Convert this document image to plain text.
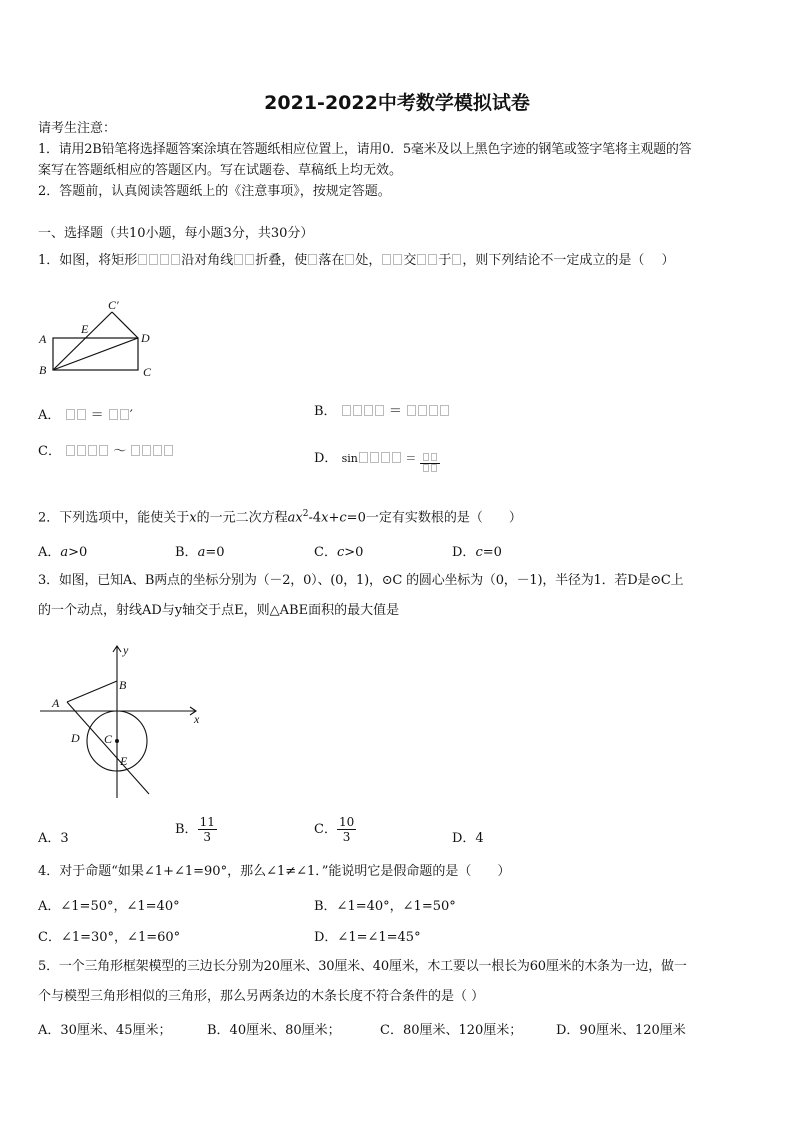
2021-2022中考数学模拟试卷
请考生注意：
1．请用2B铅笔将选择题答案涂填在答题纸相应位置上，请用0．5毫米及以上黑色字迹的钢笔或签字笔将主观题的答
案写在答题纸相应的答题区内。写在试题卷、草稿纸上均无效。
2．答题前，认真阅读答题纸上的《注意事项》，按规定答题。
一、选择题（共10小题，每小题3分，共30分）
1．如图，将矩形	沿对角线 折叠，使 落在 处， 交 于 ，则下列结论不一定成立的是（　 ）
A
B	C
D
E
C′
A． ＝ ′	B．	＝
C．	～	D． sin	＝
2．下列选项中，能使关于x的一元二次方程$ax^2-4x+c=0$一定有实数根的是（　　）
A．a>0	B．a=0	C．c>0	D．c=0
3．如图，已知A、B两点的坐标分别为（－2，0）、(0，1)，⊙C 的圆心坐标为（0，－1)，半径为1．若D是⊙C上
的一个动点，射线AD与y轴交于点E，则△ABE面积的最大值是
y
x
A
B
C
D
E
A．3
B． $\frac{11}{3}$	C． $\frac{10}{3}$	D．4
4．对于命题“如果∠1+∠1=90°，那么∠1≠∠1．”能说明它是假命题的是（　　）
A．∠1=50°，∠1=40°	B．∠1=40°，∠1=50°
C．∠1=30°，∠1=60°	D．∠1=∠1=45°
5．一个三角形框架模型的三边长分别为20厘米、30厘米、40厘米，木工要以一根长为60厘米的木条为一边，做一
个与模型三角形相似的三角形，那么另两条边的木条长度不符合条件的是（ ）
A．30厘米、45厘米；	B．40厘米、80厘米；	C．80厘米、120厘米；	D．90厘米、120厘米
